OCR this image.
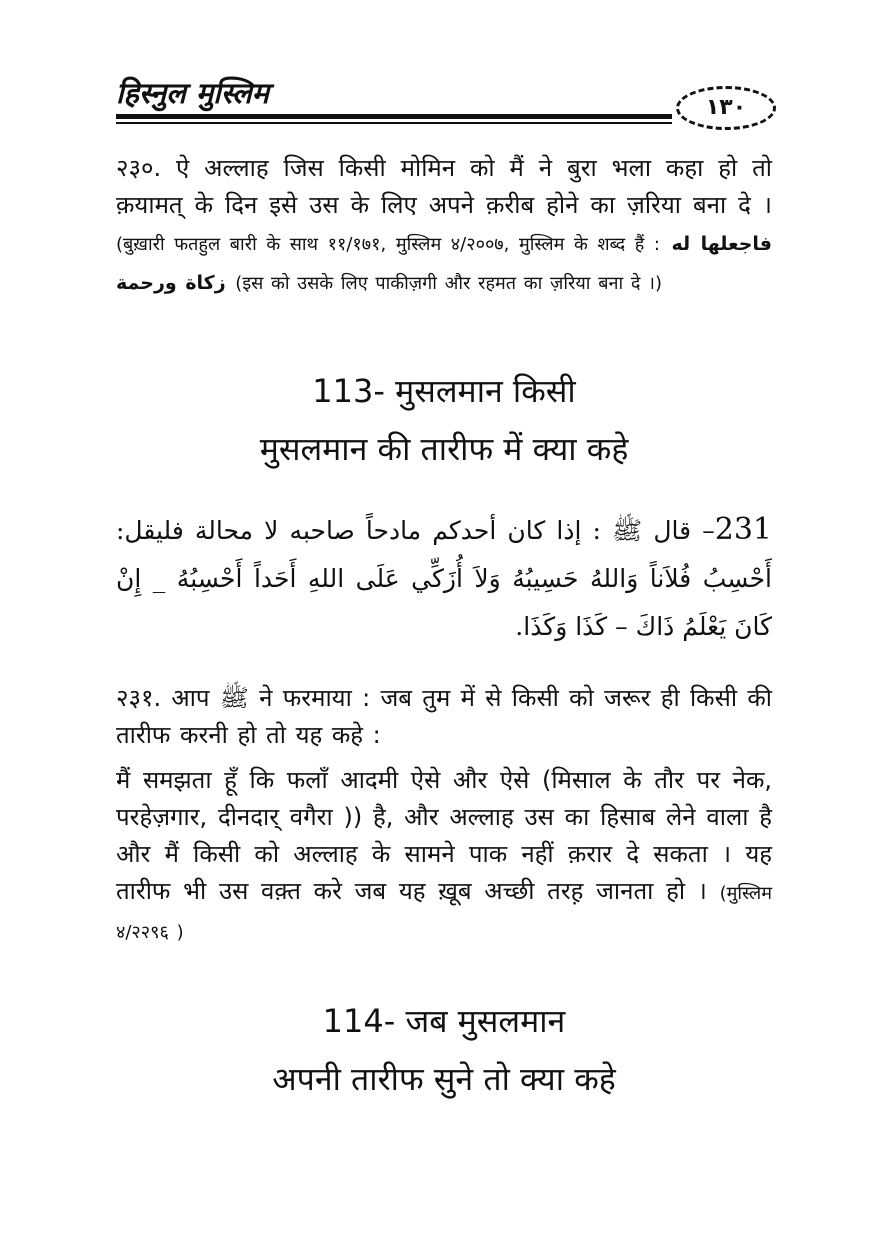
हिस्नुल मुस्लिम	١٣٠
२३०. ऐ अल्लाह जिस किसी मोमिन को मैं ने बुरा भला कहा हो तो क़यामत् के दिन इसे उस के लिए अपने क़रीब होने का ज़रिया बना दे । (बुख़ारी फतहुल बारी के साथ ११/१७१, मुस्लिम ४/२००७, मुस्लिम के शब्द हैं : فاجعلها له زكاة ورحمة (इस को उसके लिए पाकीज़गी और रहमत का ज़रिया बना दे ।)
113- मुसलमान किसी
मुसलमान की तारीफ में क्या कहे
231– قال ﷺ : إذا كان أحدكم مادحاً صاحبه لا محالة فليقل: أَحْسِبُ فُلاَناً وَاللهُ حَسِيبُهُ وَلاَ أُزَكِّي عَلَى اللهِ أَحَداً أَحْسِبُهُ _ إِنْ كَانَ يَعْلَمُ ذَاكَ – كَذَا وَكَذَا.
२३१. आप ﷺ ने फरमाया : जब तुम में से किसी को जरूर ही किसी की तारीफ करनी हो तो यह कहे :
मैं समझता हूँ कि फलाँ आदमी ऐसे और ऐसे (मिसाल के तौर पर नेक, परहेज़गार, दीनदार् वगैरा )) है, और अल्लाह उस का हिसाब लेने वाला है और मैं किसी को अल्लाह के सामने पाक नहीं क़रार दे सकता । यह तारीफ भी उस वक़्त करे जब यह ख़ूब अच्छी तरह़ जानता हो । (मुस्लिम ४/२२९६ )
114- जब मुसलमान
अपनी तारीफ सुने तो क्या कहे
